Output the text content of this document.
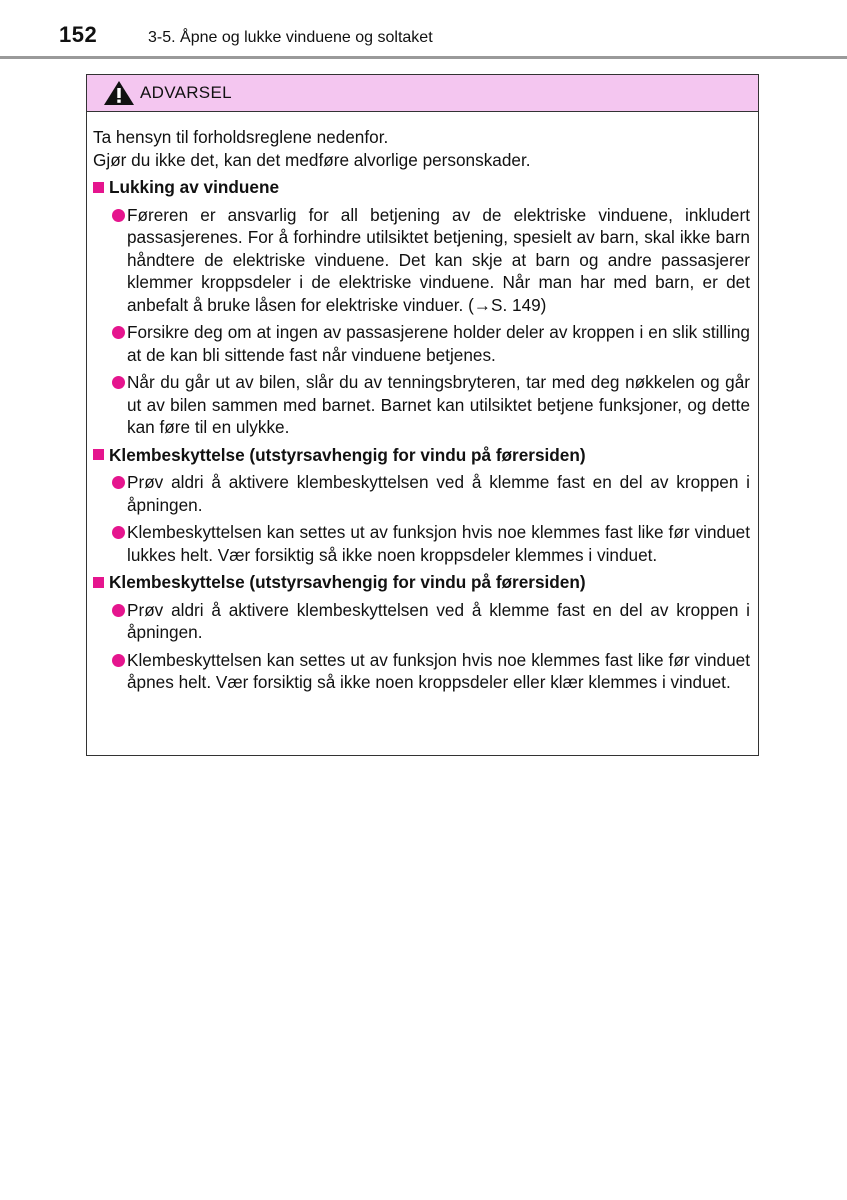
152	3-5. Åpne og lukke vinduene og soltaket
ADVARSEL

Ta hensyn til forholdsreglene nedenfor.

Gjør du ikke det, kan det medføre alvorlige personskader.

Lukking av vinduene
Føreren er ansvarlig for all betjening av de elektriske vinduene, inkludert passasjerenes. For å forhindre utilsiktet betjening, spesielt av barn, skal ikke barn håndtere de elektriske vinduene. Det kan skje at barn og andre passasjerer klemmer kroppsdeler i de elektriske vinduene. Når man har med barn, er det anbefalt å bruke låsen for elektriske vinduer. (→S. 149)
Forsikre deg om at ingen av passasjerene holder deler av kroppen i en slik stilling at de kan bli sittende fast når vinduene betjenes.
Når du går ut av bilen, slår du av tenningsbryteren, tar med deg nøkkelen og går ut av bilen sammen med barnet. Barnet kan utilsiktet betjene funksjoner, og dette kan føre til en ulykke.
Klembeskyttelse (utstyrsavhengig for vindu på førersiden)
Prøv aldri å aktivere klembeskyttelsen ved å klemme fast en del av kroppen i åpningen.
Klembeskyttelsen kan settes ut av funksjon hvis noe klemmes fast like før vinduet lukkes helt. Vær forsiktig så ikke noen kroppsdeler klemmes i vinduet.
Klembeskyttelse (utstyrsavhengig for vindu på førersiden)
Prøv aldri å aktivere klembeskyttelsen ved å klemme fast en del av kroppen i åpningen.
Klembeskyttelsen kan settes ut av funksjon hvis noe klemmes fast like før vinduet åpnes helt. Vær forsiktig så ikke noen kroppsdeler eller klær klemmes i vinduet.
